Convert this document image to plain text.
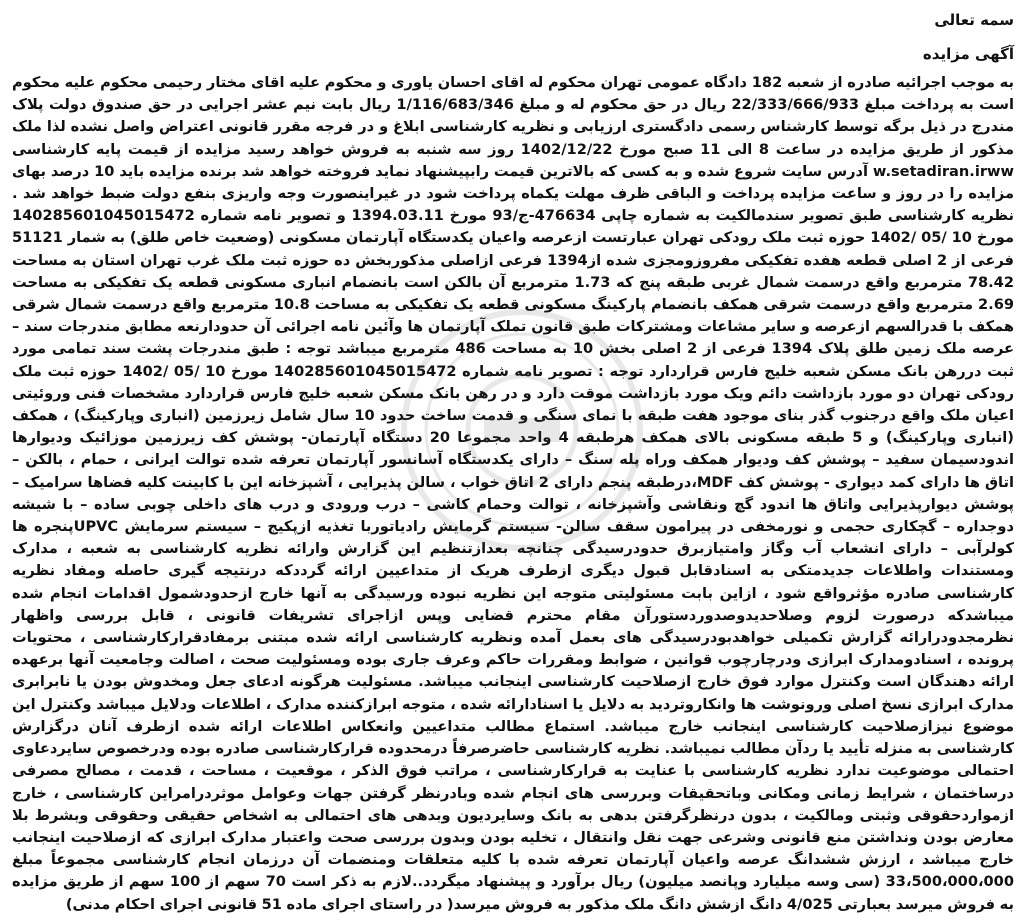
سمه تعالی

آگهی مزایده

به موجب اجرائیه صادره از شعبه 182 دادگاه عمومی تهران محکوم له اقای احسان یاوری و محکوم علیه اقای مختار رحیمی محکوم علیه محکوم است به پرداخت مبلغ 22/333/666/933 ریال در حق محکوم له و مبلغ 1/116/683/346 ریال بابت نیم عشر اجرایی در حق صندوق دولت پلاک مندرج در ذیل برگه توسط کارشناس رسمی دادگستری ارزیابی و نظریه کارشناسی ابلاغ و در فرجه مقرر قانونی اعتراض واصل نشده لذا ملک مذکور از طریق مزایده در ساعت 8 الی 11 صبح مورخ 1402/12/22 روز سه شنبه به فروش خواهد رسید مزایده از قیمت پایه کارشناسی w.setadiran.irww آدرس سایت شروع شده و به کسی که بالاترین قیمت رابپیشنهاد نماید فروخته خواهد شد برنده مزایده باید 10 درصد بهای مزایده را در روز و ساعت مزایده پرداخت و الباقی ظرف مهلت یکماه پرداخت شود در غیراینصورت وجه واریزی بنفع دولت ضبط خواهد شد . نظریه کارشناسی طبق تصویر سندمالکیت به شماره چاپی 476634-ج/93 مورخ 1394.03.11 و تصویر نامه شماره 140285601045015472 مورخ 10 /05 /1402 حوزه ثبت ملک رودکی تهران عبارتست ازعرصه واعیان یکدستگاه آپارتمان مسکونی (وضعیت خاص طلق) به شمار 51121 فرعی از 2 اصلی قطعه هفده تفکیکی مفروزومجزی شده از1394 فرعی ازاصلی مذکوربخش ده حوزه ثبت ملک غرب تهران استان به مساحت 78.42 مترمربع واقع درسمت شمال غربی طبقه پنج که 1.73 مترمربع آن بالکن است بانضمام انباری مسکونی قطعه یک تفکیکی به مساحت 2.69 مترمربع واقع درسمت شرقی همکف بانضمام پارکینگ مسکونی قطعه یک تفکیکی به مساحت 10.8 مترمربع واقع درسمت شمال شرقی همکف با قدرالسهم ازعرصه و سایر مشاعات ومشترکات طبق قانون تملک آپارتمان ها وآئین نامه اجرائی آن حدودارنعه مطابق مندرجات سند – عرصه ملک زمین طلق پلاک 1394 فرعی از 2 اصلی بخش 10 به مساحت 486 مترمربع میباشد توجه : طبق مندرجات پشت سند تمامی مورد ثبت دررهن بانک مسکن شعبه خلیج فارس قراردارد توجه : تصویر نامه شماره 140285601045015472 مورخ 10 /05 /1402 حوزه ثبت ملک رودکی تهران دو مورد بازداشت دائم ویک مورد بازداشت موقت دارد و در رهن بانک مسکن شعبه خلیج فارس قراردارد مشخصات فنی وروئیتی اعیان ملک واقع درجنوب گذر بنای موجود هفت طبقه با نمای سنگی و قدمت ساخت حدود 10 سال شامل زیرزمین (انباری وپارکینگ) ، همکف (انباری وپارکینگ) و 5 طبقه مسکونی بالای همکف هرطبقه 4 واحد مجموعا 20 دستگاه آپارتمان- پوشش کف زیرزمین موزائیک ودیوارها اندودسیمان سفید – پوشش کف ودیوار همکف وراه پله سنگ – دارای یکدستگاه آسانسور آپارتمان تعرفه شده توالت ایرانی ، حمام ، بالکن – اتاق ها دارای کمد دیواری - پوشش کف MDF،درطبقه پنجم دارای 2 اتاق خواب ، سالن پذیرایی ، آشپزخانه این با کابینت کلیه فضاها سرامیک – پوشش دیوارپذیرایی واتاق ها اندود گچ ونقاشی وآشپزخانه ، توالت وحمام کاشی – درب ورودی و درب های داخلی چوبی ساده – با شیشه دوجداره – گچکاری حجمی و نورمخفی در پیرامون سقف سالن- سیستم گرمایش رادیاتوربا تغذیه ازپکیج – سیستم سرمایش UPVCپنجره ها کولرآبی – دارای انشعاب آب وگاز وامتیازبرق حدودرسیدگی چنانچه بعدازتنظیم این گزارش وارائه نظریه کارشناسی به شعبه ، مدارک ومستندات واطلاعات جدیدمتکی به اسنادقابل قبول دیگری ازطرف هریک از متداعیین ارائه گرددکه درنتیجه گیری حاصله ومفاد نظریه کارشناسی صادره مؤثرواقع شود ، ازاین بابت مسئولیتی متوجه این نظریه نبوده ورسیدگی به آنها خارج ازحدودشمول اقدامات انجام شده میباشدکه درصورت لزوم وصلاحدیدوصدوردستورآن مقام محترم قضایی وپس ازاجرای تشریفات قانونی ، قابل بررسی واظهار نظرمجدودرارائه گزارش تکمیلی خواهدبودرسیدگی های بعمل آمده ونظریه کارشناسی ارائه شده مبتنی برمفادقرارکارشناسی ، محتویات پرونده ، اسنادومدارک ابرازی ودرچارچوب قوانین ، ضوابط ومقررات حاکم وعرف جاری بوده ومسئولیت صحت ، اصالت وجامعیت آنها برعهده ارائه دهندگان است وکنترل موارد فوق خارج ازصلاحیت کارشناسی اینجانب میباشد. مسئولیت هرگونه ادعای جعل ومخدوش بودن یا نابرابری مدارک ابرازی نسخ اصلی ورونوشت ها وانکاروتردید به دلایل یا اسنادارائه شده ، متوجه ابرازکننده مدارک ، اطلاعات ودلایل میباشد وکنترل این موضوع نیزازصلاحیت کارشناسی اینجانب خارج میباشد. استماع مطالب متداعیین وانعکاس اطلاعات ارائه شده ازطرف آنان درگزارش کارشناسی به منزله تأیید یا ردآن مطالب نمیباشد. نظریه کارشناسی حاضرصرفاً درمحدوده قرارکارشناسی صادره بوده ودرخصوص سایردعاوی احتمالی موضوعیت ندارد نظریه کارشناسی با عنایت به قرارکارشناسی ، مراتب فوق الذکر ، موقعیت ، مساحت ، قدمت ، مصالح مصرفی درساختمان ، شرایط زمانی ومکانی وباتحقیقات وبررسی های انجام شده وبادرنظر گرفتن جهات وعوامل موثردرامراین کارشناسی ، خارج ازمواردحقوقی وثبتی ومالکیت ، بدون درنظرگرفتن بدهی به بانک وسایردیون وبدهی های احتمالی به اشخاص حقیقی وحقوقی وبشرط بلا معارض بودن ونداشتن منع قانونی وشرعی جهت نقل وانتقال ، تخلیه بودن وبدون بررسی صحت واعتبار مدارک ابرازی که ازصلاحیت اینجانب خارج میباشد ، ارزش ششدانگ عرصه واعیان آپارتمان تعرفه شده با کلیه متعلقات ومنضمات آن درزمان انجام کارشناسی مجموعاً مبلغ 33،500،000،000 (سی وسه میلیارد وپانصد میلیون) ریال برآورد و پیشنهاد میگردد..لازم به ذکر است 70 سهم از 100 سهم از طریق مزایده به فروش میرسد بعبارتی 4/025 دانگ ازشش دانگ ملک مذکور به فروش میرسد( در راستای اجرای ماده 51 قانونی اجرای احکام مدنی)
